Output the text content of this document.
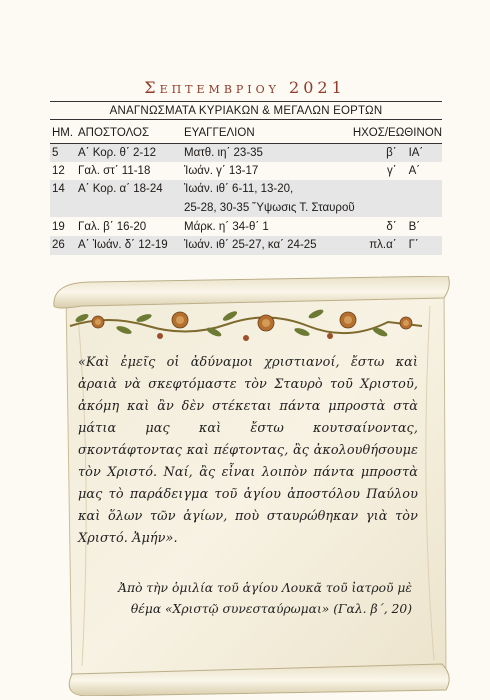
Σεπτεμβριου 2021
ΑΝΑΓΝΩΣΜΑΤΑ ΚΥΡΙΑΚΩΝ & ΜΕΓΑΛΩΝ ΕΟΡΤΩΝ
ΗΜ.	ΑΠΟΣΤΟΛΟΣ	ΕΥΑΓΓΕΛΙΟΝ	ΗΧΟΣ/ΕΩΘΙΝΟΝ	
5	Α΄ Κορ. θ΄ 2-12	Ματθ. ιη΄ 23-35	β΄	ΙΑ΄
12	Γαλ. στ΄ 11-18	Ἰωάν. γ΄ 13-17	γ΄	Α΄
14	Α΄ Κορ. α΄ 18-24	Ἰωάν. ιθ΄ 6-11, 13-20,		
		25-28, 30-35 Ὕψωσις Τ. Σταυροῦ		
19	Γαλ. β΄ 16-20	Μάρκ. η΄ 34-θ΄ 1	δ΄	Β΄
26	Α΄ Ἰωάν. δ΄ 12-19	Ἰωάν. ιθ΄ 25-27, κα΄ 24-25	πλ.α΄	Γ΄
«Καὶ ἐμεῖς οἱ ἀδύναμοι χριστιανοί, ἔστω καὶ ἀραιὰ νὰ σκεφτόμαστε τὸν Σταυρὸ τοῦ Χριστοῦ, ἀκόμη καὶ ἂν δὲν στέκεται πάντα μπροστὰ στὰ μάτια μας καὶ ἔστω κουτσαίνοντας, σκοντάφτοντας καὶ πέφτοντας, ἂς ἀκολουθήσουμε τὸν Χριστό. Ναί, ἂς εἶναι λοιπὸν πάντα μπροστὰ μας τὸ παράδειγμα τοῦ ἁγίου ἀποστόλου Παύλου καὶ ὅλων τῶν ἁγίων, ποὺ σταυρώθηκαν γιὰ τὸν Χριστό. Ἀμήν».
Ἀπὸ τὴν ὁμιλία τοῦ ἁγίου Λουκᾶ τοῦ ἰατροῦ μὲ
θέμα «Χριστῷ συνεσταύρωμαι» (Γαλ. β΄, 20)
